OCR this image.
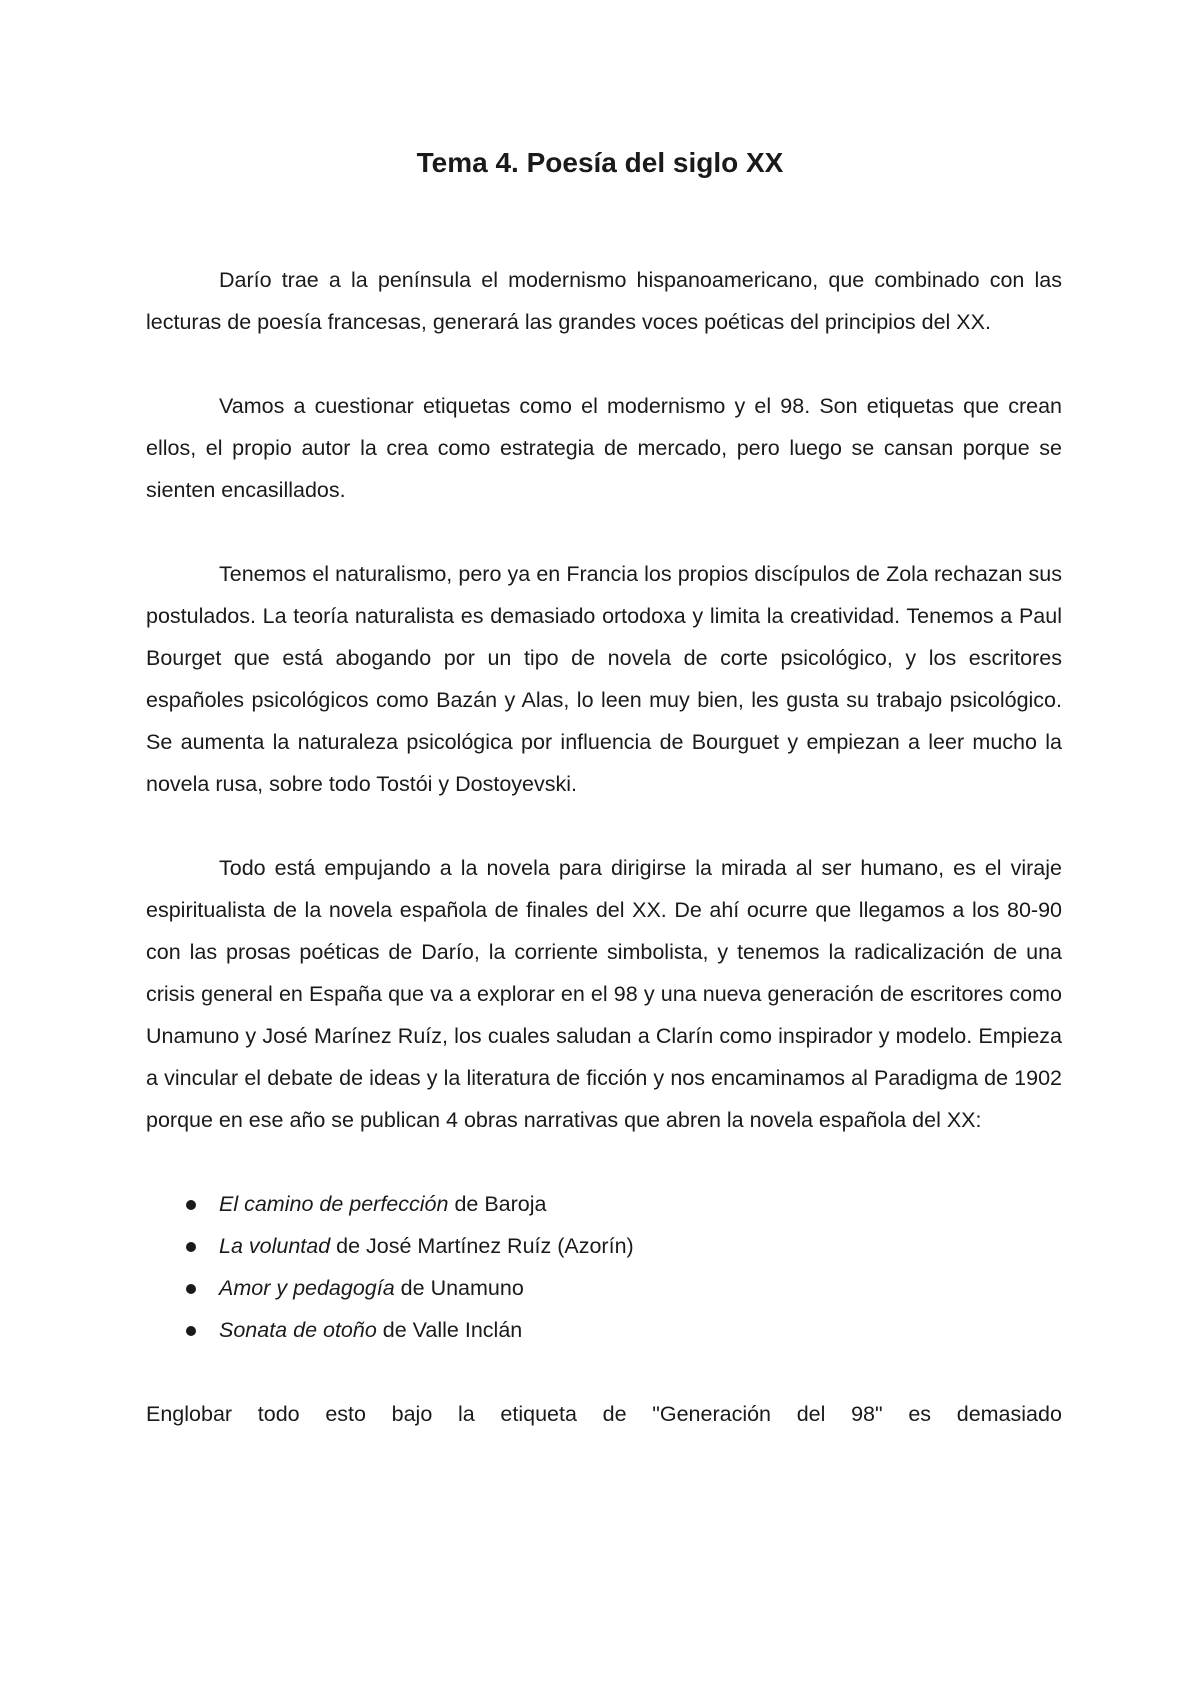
Tema 4. Poesía del siglo XX

Darío trae a la península el modernismo hispanoamericano, que combinado con las lecturas de poesía francesas, generará las grandes voces poéticas del principios del XX.

Vamos a cuestionar etiquetas como el modernismo y el 98. Son etiquetas que crean ellos, el propio autor la crea como estrategia de mercado, pero luego se cansan porque se sienten encasillados.

Tenemos el naturalismo, pero ya en Francia los propios discípulos de Zola rechazan sus postulados. La teoría naturalista es demasiado ortodoxa y limita la creatividad. Tenemos a Paul Bourget que está abogando por un tipo de novela de corte psicológico, y los escritores españoles psicológicos como Bazán y Alas, lo leen muy bien, les gusta su trabajo psicológico. Se aumenta la naturaleza psicológica por influencia de Bourguet y empiezan a leer mucho la novela rusa, sobre todo Tostói y Dostoyevski.

Todo está empujando a la novela para dirigirse la mirada al ser humano, es el viraje espiritualista de la novela española de finales del XX. De ahí ocurre que llegamos a los 80-90 con las prosas poéticas de Darío, la corriente simbolista, y tenemos la radicalización de una crisis general en España que va a explorar en el 98 y una nueva generación de escritores como Unamuno y José Marínez Ruíz, los cuales saludan a Clarín como inspirador y modelo. Empieza a vincular el debate de ideas y la literatura de ficción y nos encaminamos al Paradigma de 1902 porque en ese año se publican 4 obras narrativas que abren la novela española del XX:

El camino de perfección de Baroja
La voluntad de José Martínez Ruíz (Azorín)
Amor y pedagogía de Unamuno
Sonata de otoño de Valle Inclán

Englobar todo esto bajo la etiqueta de "Generación del 98" es demasiado
